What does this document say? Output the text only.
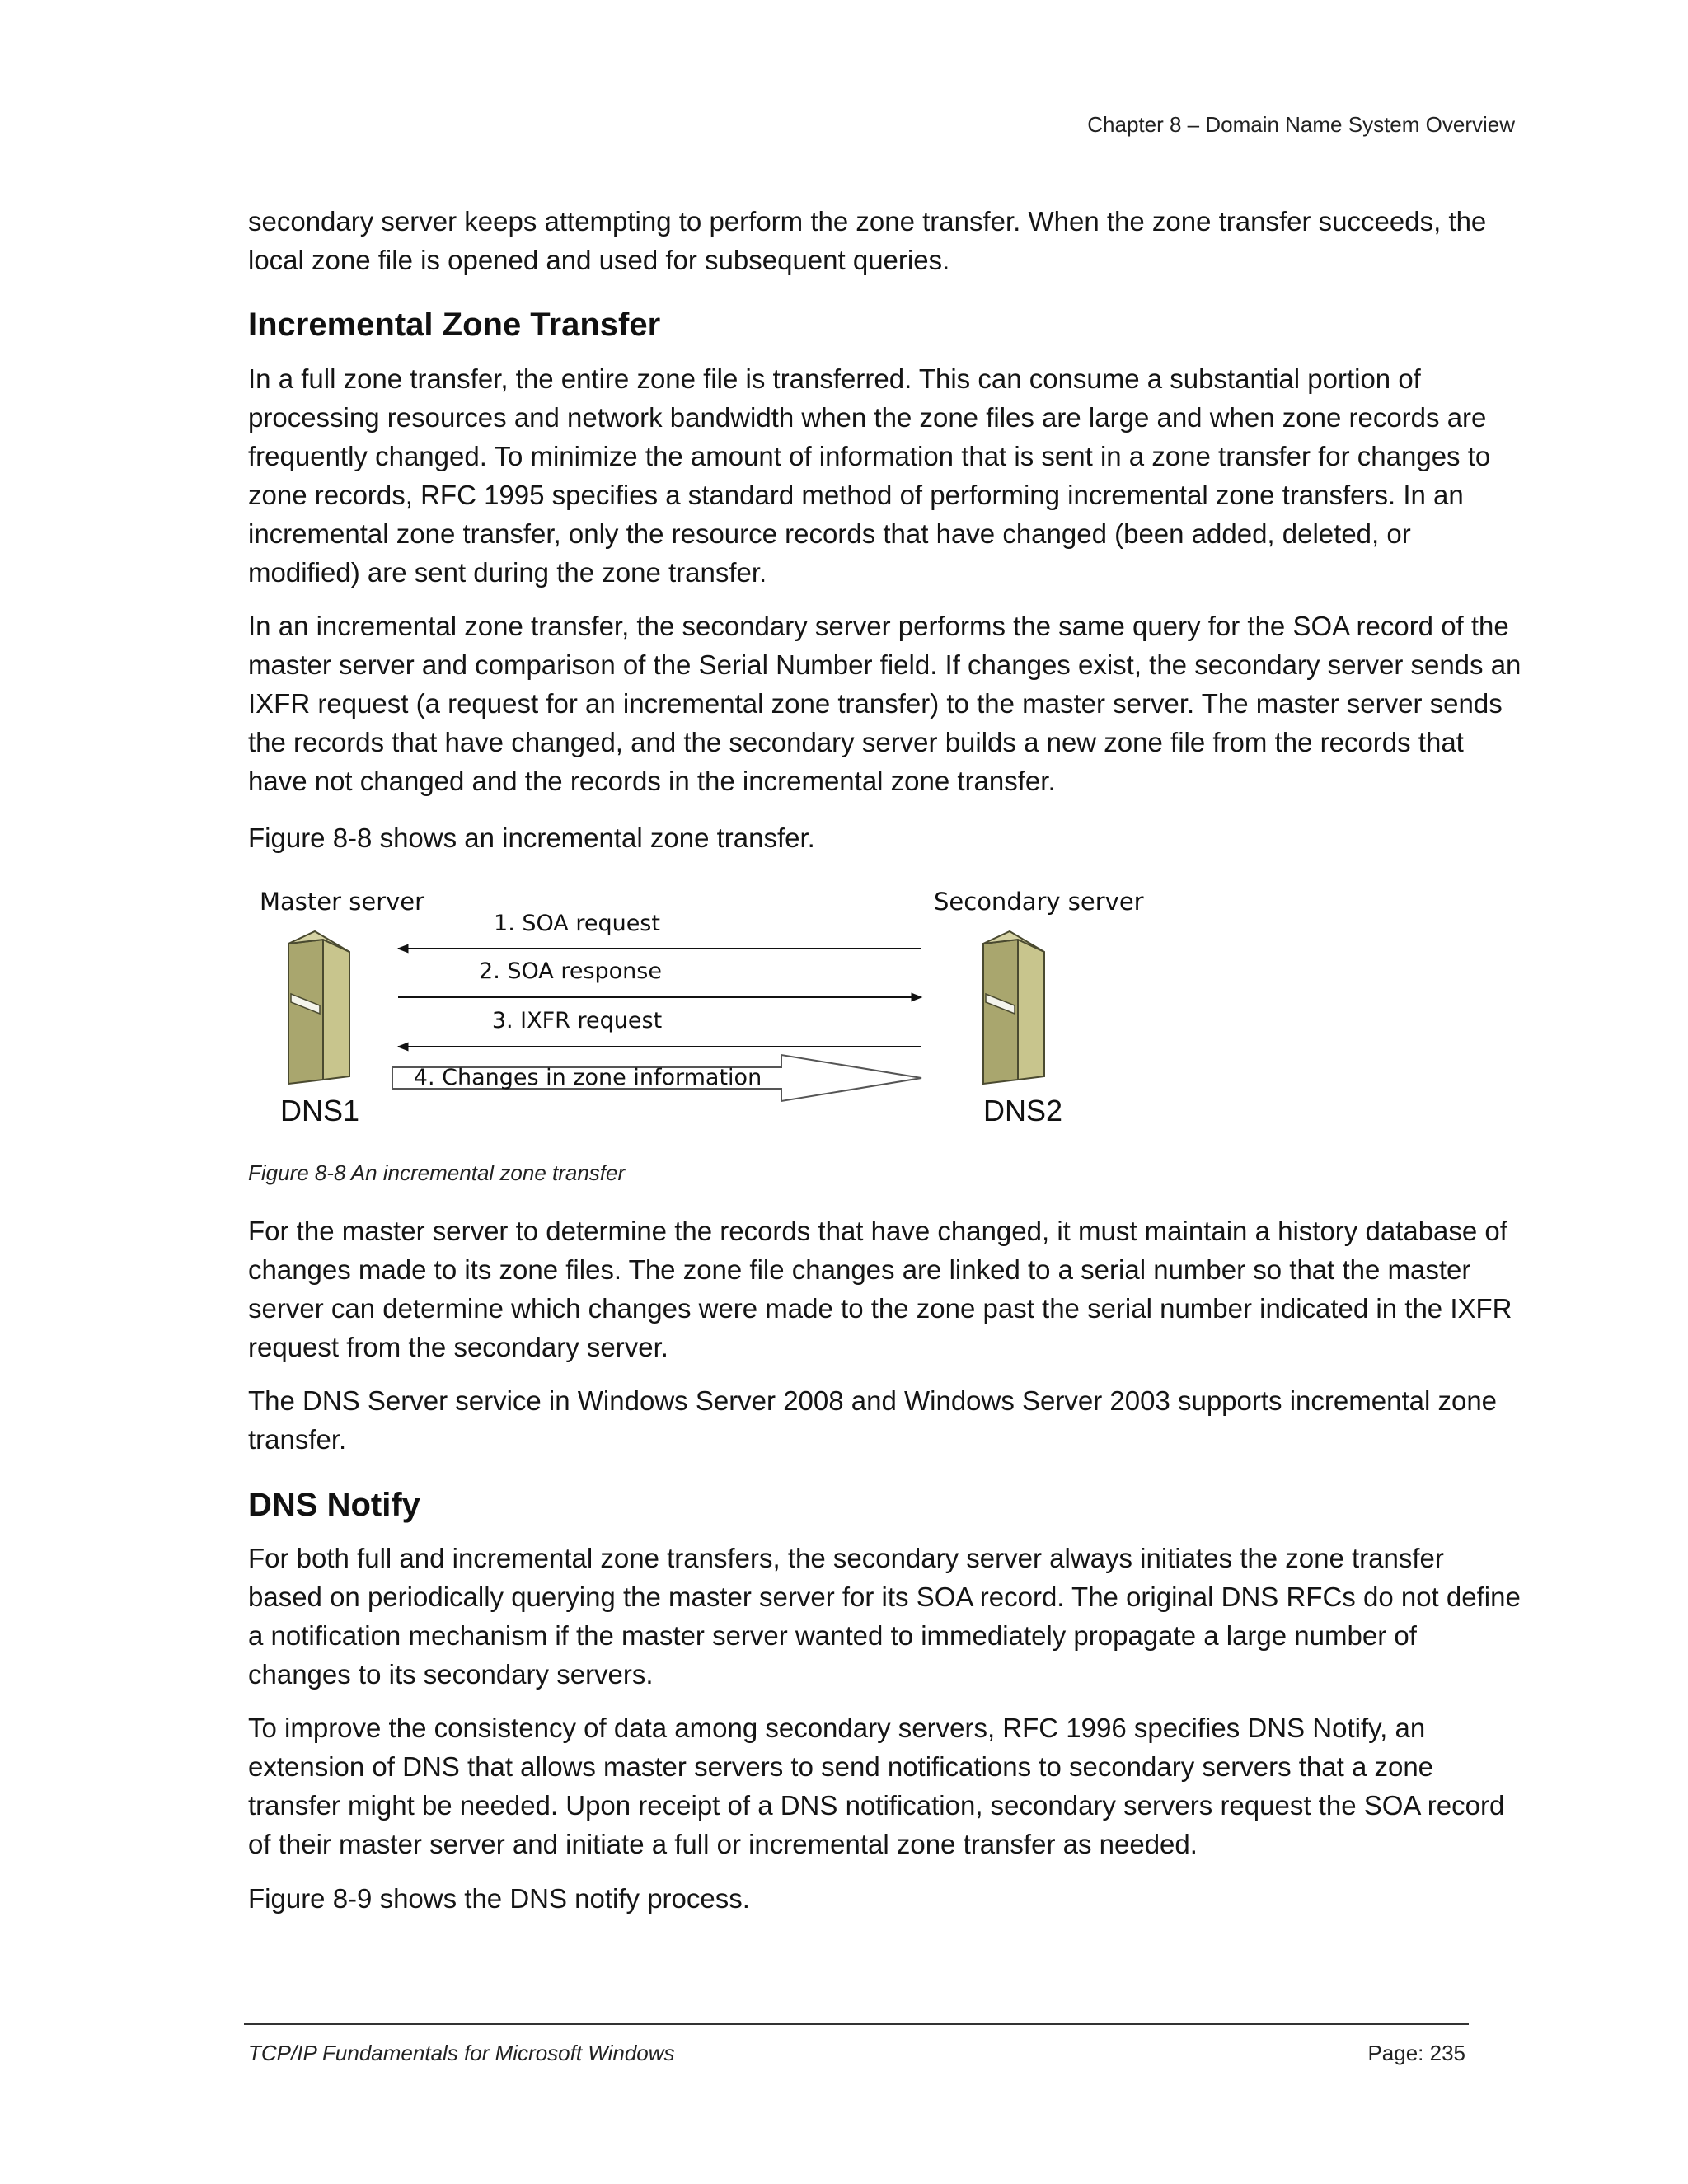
Chapter 8 – Domain Name System Overview

secondary server keeps attempting to perform the zone transfer. When the zone transfer succeeds, the local zone file is opened and used for subsequent queries.

Incremental Zone Transfer

In a full zone transfer, the entire zone file is transferred. This can consume a substantial portion of processing resources and network bandwidth when the zone files are large and when zone records are frequently changed. To minimize the amount of information that is sent in a zone transfer for changes to zone records, RFC 1995 specifies a standard method of performing incremental zone transfers. In an incremental zone transfer, only the resource records that have changed (been added, deleted, or modified) are sent during the zone transfer.

In an incremental zone transfer, the secondary server performs the same query for the SOA record of the master server and comparison of the Serial Number field. If changes exist, the secondary server sends an IXFR request (a request for an incremental zone transfer) to the master server. The master server sends the records that have changed, and the secondary server builds a new zone file from the records that have not changed and the records in the incremental zone transfer.

Figure 8-8 shows an incremental zone transfer.

Master server	Secondary server
1. SOA request
2. SOA response
3. IXFR request
4. Changes in zone information
DNS1	DNS2
Figure 8-8 An incremental zone transfer

For the master server to determine the records that have changed, it must maintain a history database of changes made to its zone files. The zone file changes are linked to a serial number so that the master server can determine which changes were made to the zone past the serial number indicated in the IXFR request from the secondary server.

The DNS Server service in Windows Server 2008 and Windows Server 2003 supports incremental zone transfer.

DNS Notify

For both full and incremental zone transfers, the secondary server always initiates the zone transfer based on periodically querying the master server for its SOA record. The original DNS RFCs do not define a notification mechanism if the master server wanted to immediately propagate a large number of changes to its secondary servers.

To improve the consistency of data among secondary servers, RFC 1996 specifies DNS Notify, an extension of DNS that allows master servers to send notifications to secondary servers that a zone transfer might be needed. Upon receipt of a DNS notification, secondary servers request the SOA record of their master server and initiate a full or incremental zone transfer as needed.

Figure 8-9 shows the DNS notify process.

TCP/IP Fundamentals for Microsoft Windows	Page: 235
